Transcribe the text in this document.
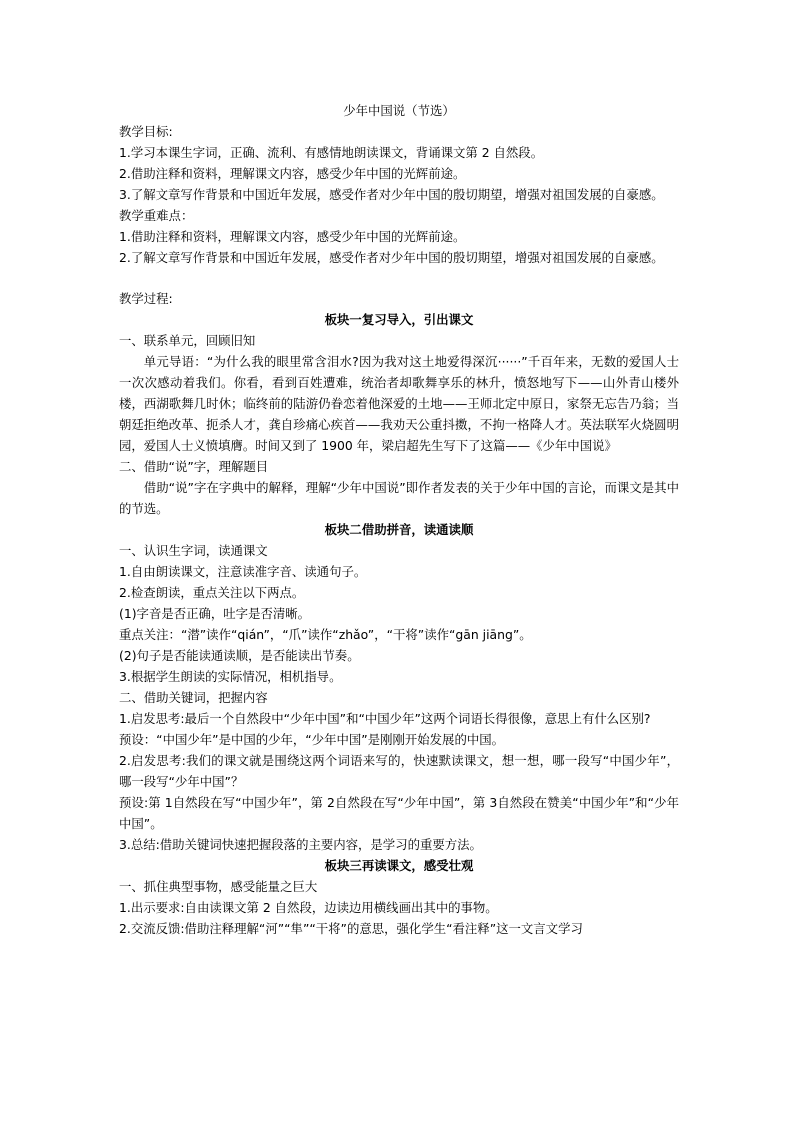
少年中国说（节选）

教学目标:

1.学习本课生字词，正确、流利、有感情地朗读课文，背诵课文第 2 自然段。

2.借助注释和资料，理解课文内容，感受少年中国的光辉前途。

3.了解文章写作背景和中国近年发展，感受作者对少年中国的殷切期望，增强对祖国发展的自豪感。

教学重难点：

1.借助注释和资料，理解课文内容，感受少年中国的光辉前途。

2.了解文章写作背景和中国近年发展，感受作者对少年中国的殷切期望，增强对祖国发展的自豪感。

教学过程:

板块一复习导入，引出课文

一、联系单元，回顾旧知

单元导语：“为什么我的眼里常含泪水?因为我对这土地爱得深沉······”千百年来，无数的爱国人士一次次感动着我们。你看，看到百姓遭难，统治者却歌舞享乐的林升，愤怒地写下——山外青山楼外楼，西湖歌舞几时休；临终前的陆游仍眷恋着他深爱的土地——王师北定中原日，家祭无忘告乃翁；当朝廷拒绝改革、扼杀人才，龚自珍痛心疾首——我劝天公重抖擞，不拘一格降人才。英法联军火烧圆明园，爱国人士义愤填膺。时间又到了 1900 年，梁启超先生写下了这篇——《少年中国说》

二、借助“说”字，理解题目

借助“说”字在字典中的解释，理解“少年中国说”即作者发表的关于少年中国的言论，而课文是其中的节选。

板块二借助拼音，读通读顺

一、认识生字词，读通课文

1.自由朗读课文，注意读准字音、读通句子。

2.检查朗读，重点关注以下两点。

(1)字音是否正确，吐字是否清晰。

重点关注：“潜”读作“qián”，“爪”读作“zhǎo”，“干将”读作“gān jiāng”。

(2)句子是否能读通读顺，是否能读出节奏。

3.根据学生朗读的实际情况，相机指导。

二、借助关键词，把握内容

1.启发思考:最后一个自然段中“少年中国”和“中国少年”这两个词语长得很像，意思上有什么区别?

预设：“中国少年”是中国的少年，“少年中国”是刚刚开始发展的中国。

2.启发思考:我们的课文就是围绕这两个词语来写的，快速默读课文，想一想，哪一段写“中国少年”，哪一段写“少年中国”？

预设:第 1自然段在写“中国少年”，第 2自然段在写“少年中国”，第 3自然段在赞美“中国少年”和“少年中国”。

3.总结:借助关键词快速把握段落的主要内容，是学习的重要方法。

板块三再读课文，感受壮观

一、抓住典型事物，感受能量之巨大

1.出示要求:自由读课文第 2 自然段，边读边用横线画出其中的事物。

2.交流反馈:借助注释理解“河”“隼”“干将”的意思，强化学生“看注释”这一文言文学习
